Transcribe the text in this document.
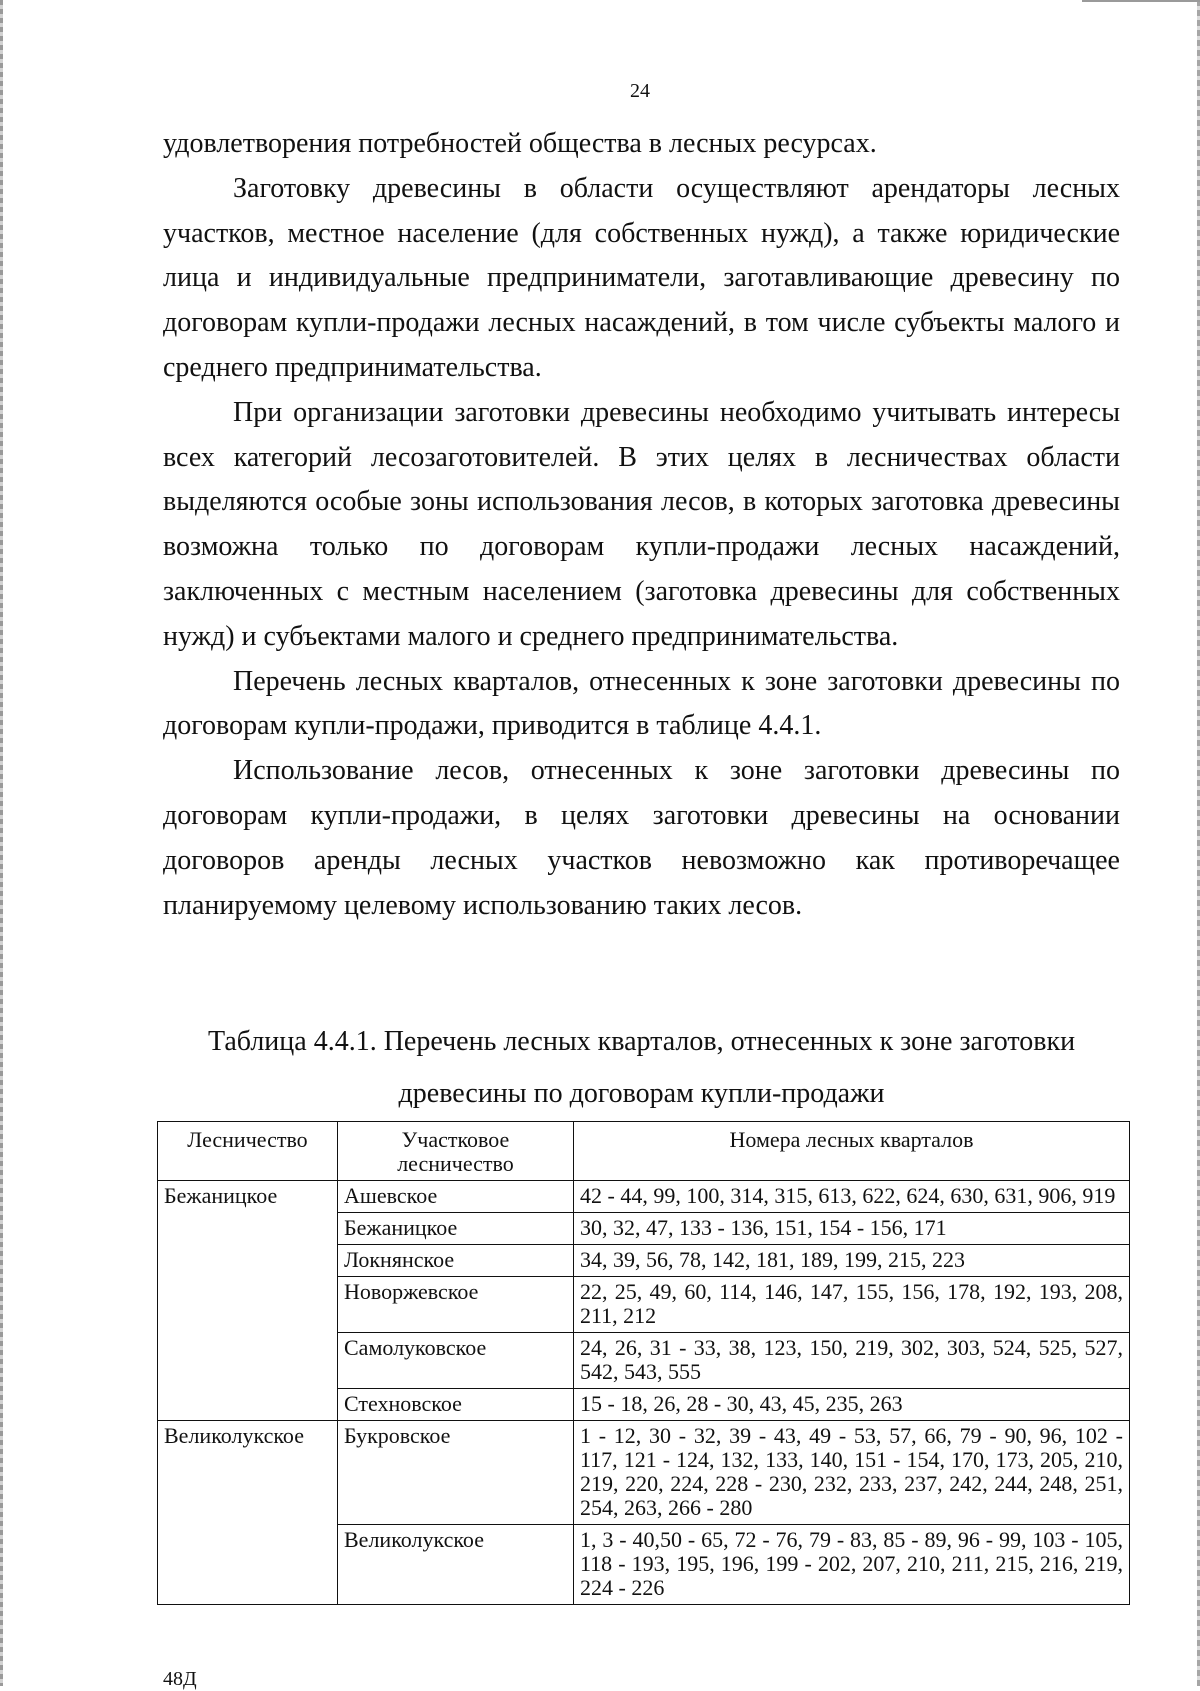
24

удовлетворения потребностей общества в лесных ресурсах.

Заготовку древесины в области осуществляют арендаторы лесных участков, местное население (для собственных нужд), а также юридические лица и индивидуальные предприниматели, заготавливающие древесину по договорам купли-продажи лесных насаждений, в том числе субъекты малого и среднего предпринимательства.

При организации заготовки древесины необходимо учитывать интересы всех категорий лесозаготовителей. В этих целях в лесничествах области выделяются особые зоны использования лесов, в которых заготовка древесины возможна только по договорам купли-продажи лесных насаждений, заключенных с местным населением (заготовка древесины для собственных нужд) и субъектами малого и среднего предпринимательства.

Перечень лесных кварталов, отнесенных к зоне заготовки древесины по договорам купли-продажи, приводится в таблице 4.4.1.

Использование лесов, отнесенных к зоне заготовки древесины по договорам купли-продажи, в целях заготовки древесины на основании договоров аренды лесных участков невозможно как противоречащее планируемому целевому использованию таких лесов.

Таблица 4.4.1. Перечень лесных кварталов, отнесенных к зоне заготовки
древесины по договорам купли-продажи
Лесничество	Участковое лесничество	Номера лесных кварталов
Бежаницкое	Ашевское	42 - 44, 99, 100, 314, 315, 613, 622, 624, 630, 631, 906, 919
	Бежаницкое	30, 32, 47, 133 - 136, 151, 154 - 156, 171
	Локнянское	34, 39, 56, 78, 142, 181, 189, 199, 215, 223
	Новоржевское	22, 25, 49, 60, 114, 146, 147, 155, 156, 178, 192, 193, 208, 211, 212
	Самолуковское	24, 26, 31 - 33, 38, 123, 150, 219, 302, 303, 524, 525, 527, 542, 543, 555
	Стехновское	15 - 18, 26, 28 - 30, 43, 45, 235, 263
Великолукское	Букровское	1 - 12, 30 - 32, 39 - 43, 49 - 53, 57, 66, 79 - 90, 96, 102 - 117, 121 - 124, 132, 133, 140, 151 - 154, 170, 173, 205, 210, 219, 220, 224, 228 - 230, 232, 233, 237, 242, 244, 248, 251, 254, 263, 266 - 280
	Великолукское	1, 3 - 40,50 - 65, 72 - 76, 79 - 83, 85 - 89, 96 - 99, 103 - 105, 118 - 193, 195, 196, 199 - 202, 207, 210, 211, 215, 216, 219, 224 - 226
48Д
